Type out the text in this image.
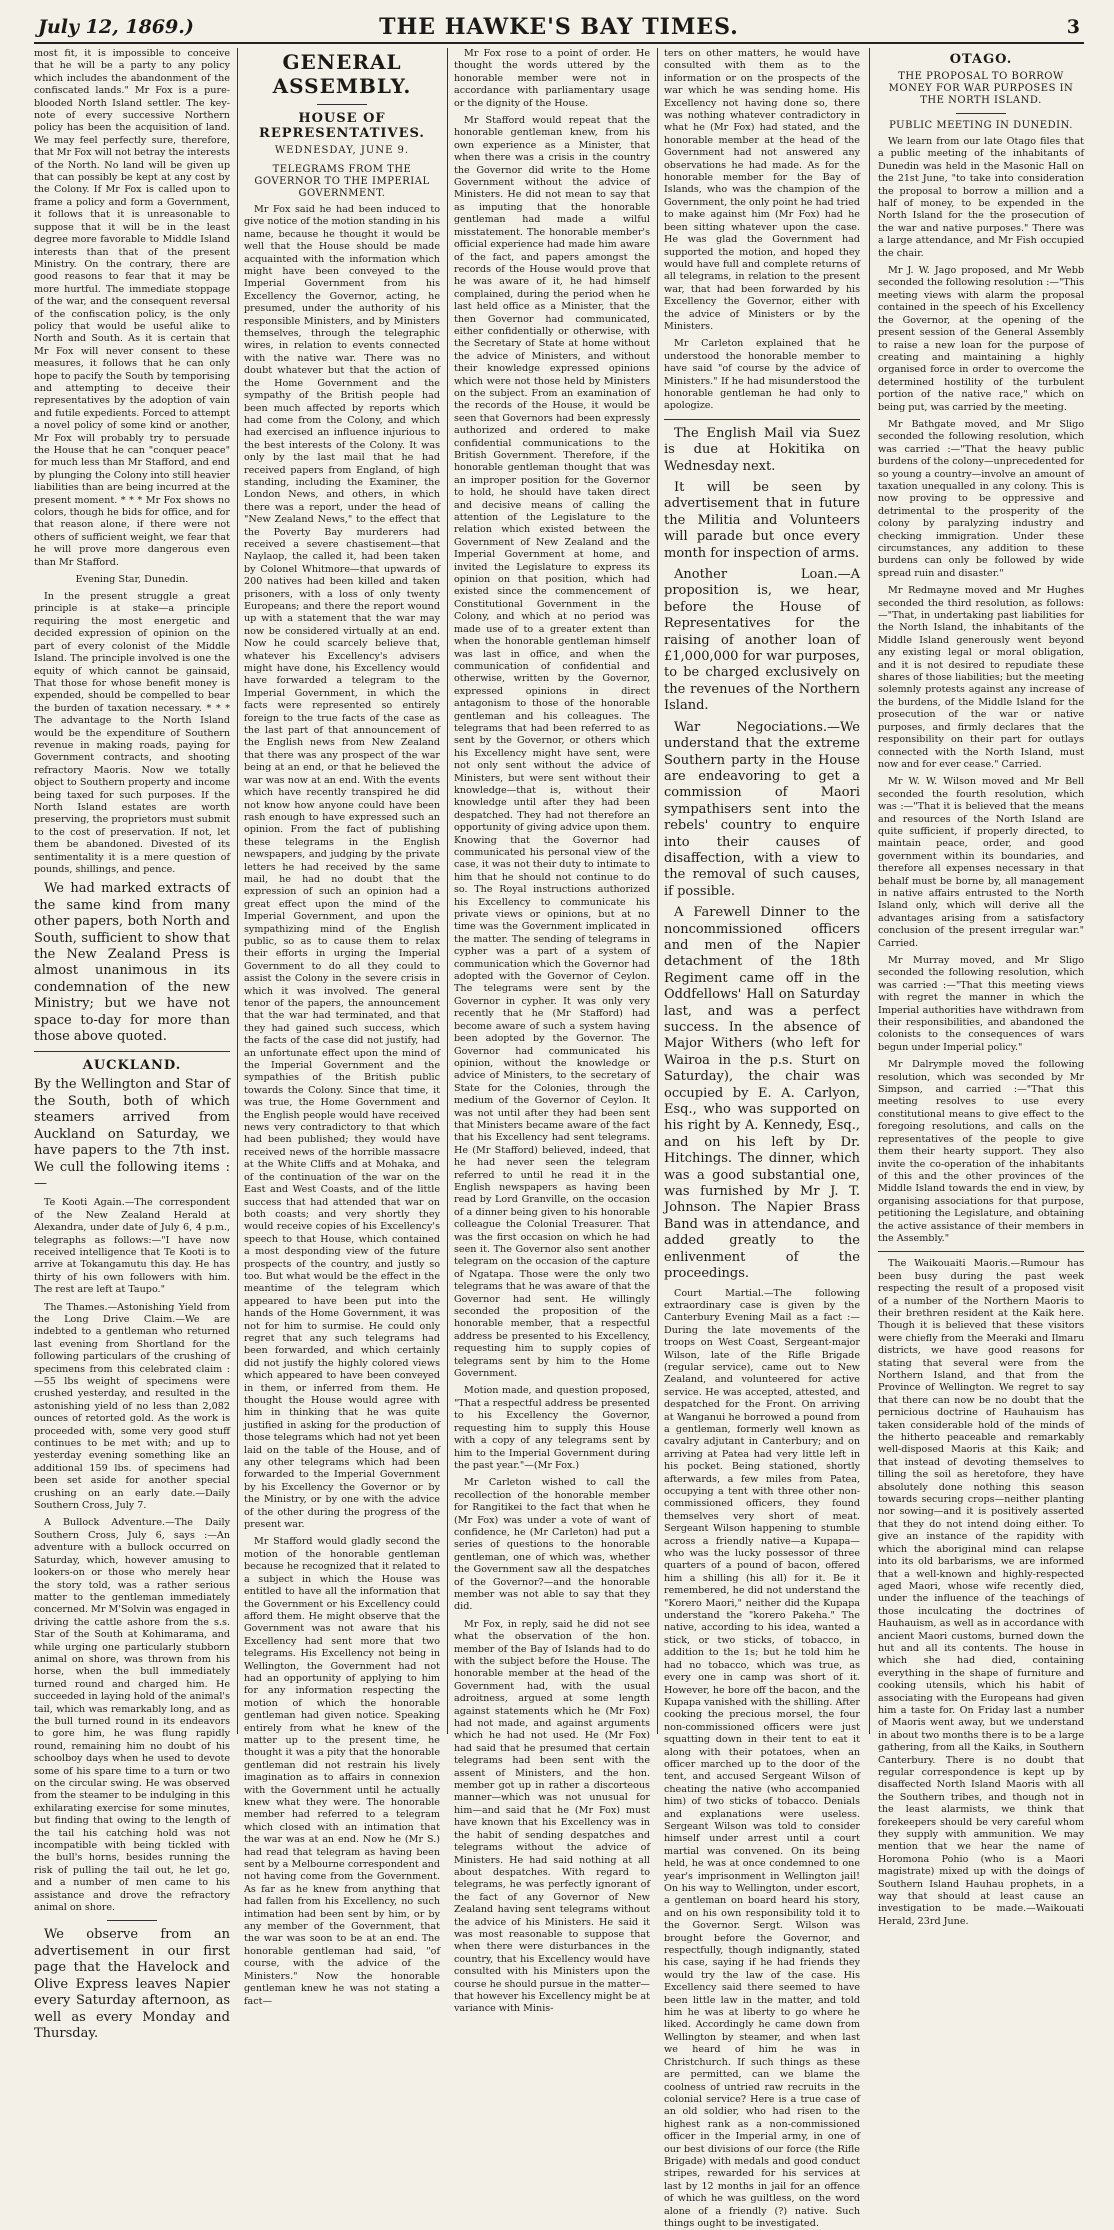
July 12, 1869.)	THE HAWKE'S BAY TIMES.	3

most fit, it is impossible to conceive that he will be a party to any policy which includes the abandonment of the confiscated lands." Mr Fox is a pure-blooded North Island settler. The key-note of every successive Northern policy has been the acquisition of land. We may feel perfectly sure, therefore, that Mr Fox will not betray the interests of the North. No land will be given up that can possibly be kept at any cost by the Colony. If Mr Fox is called upon to frame a policy and form a Government, it follows that it is unreasonable to suppose that it will be in the least degree more favorable to Middle Island interests than that of the present Ministry. On the contrary, there are good reasons to fear that it may be more hurtful. The immediate stoppage of the war, and the consequent reversal of the confiscation policy, is the only policy that would be useful alike to North and South. As it is certain that Mr Fox will never consent to these measures, it follows that he can only hope to pacify the South by temporising and attempting to deceive their representatives by the adoption of vain and futile expedients. Forced to attempt a novel policy of some kind or another, Mr Fox will probably try to persuade the House that he can "conquer peace" for much less than Mr Stafford, and end by plunging the Colony into still heavier liabilities than are being incurred at the present moment. * * * Mr Fox shows no colors, though he bids for office, and for that reason alone, if there were not others of sufficient weight, we fear that he will prove more dangerous even than Mr Stafford.

Evening Star, Dunedin.

In the present struggle a great principle is at stake—a principle requiring the most energetic and decided expression of opinion on the part of every colonist of the Middle Island. The principle involved is one the equity of which cannot be gainsaid, That those for whose benefit money is expended, should be compelled to bear the burden of taxation necessary. * * * The advantage to the North Island would be the expenditure of Southern revenue in making roads, paying for Government contracts, and shooting refractory Maoris. Now we totally object to Southern property and income being taxed for such purposes. If the North Island estates are worth preserving, the proprietors must submit to the cost of preservation. If not, let them be abandoned. Divested of its sentimentality it is a mere question of pounds, shillings, and pence.

We had marked extracts of the same kind from many other papers, both North and South, sufficient to show that the New Zealand Press is almost unanimous in its condemnation of the new Ministry; but we have not space to-day for more than those above quoted.

AUCKLAND.

By the Wellington and Star of the South, both of which steamers arrived from Auckland on Saturday, we have papers to the 7th inst. We cull the following items :—

Te Kooti Again.—The correspondent of the New Zealand Herald at Alexandra, under date of July 6, 4 p.m., telegraphs as follows:—"I have now received intelligence that Te Kooti is to arrive at Tokangamutu this day. He has thirty of his own followers with him. The rest are left at Taupo."

The Thames.—Astonishing Yield from the Long Drive Claim.—We are indebted to a gentleman who returned last evening from Shortland for the following particulars of the crushing of specimens from this celebrated claim :—55 lbs weight of specimens were crushed yesterday, and resulted in the astonishing yield of no less than 2,082 ounces of retorted gold. As the work is proceeded with, some very good stuff continues to be met with; and up to yesterday evening something like an additional 159 lbs. of specimens had been set aside for another special crushing on an early date.—Daily Southern Cross, July 7.

A Bullock Adventure.—The Daily Southern Cross, July 6, says :—An adventure with a bullock occurred on Saturday, which, however amusing to lookers-on or those who merely hear the story told, was a rather serious matter to the gentleman immediately concerned. Mr M'Solvin was engaged in driving the cattle ashore from the s.s. Star of the South at Kohimarama, and while urging one particularly stubborn animal on shore, was thrown from his horse, when the bull immediately turned round and charged him. He succeeded in laying hold of the animal's tail, which was remarkably long, and as the bull turned round in its endeavors to gore him, he was flung rapidly round, remaining him no doubt of his schoolboy days when he used to devote some of his spare time to a turn or two on the circular swing. He was observed from the steamer to be indulging in this exhilarating exercise for some minutes, but finding that owing to the length of the tail his catching hold was not incompatible with being tickled with the bull's horns, besides running the risk of pulling the tail out, he let go, and a number of men came to his assistance and drove the refractory animal on shore.

We observe from an advertisement in our first page that the Havelock and Olive Express leaves Napier every Saturday afternoon, as well as every Monday and Thursday.

GENERAL ASSEMBLY.
HOUSE OF REPRESENTATIVES.
WEDNESDAY, JUNE 9.
TELEGRAMS FROM THE GOVERNOR TO THE IMPERIAL GOVERNMENT.

Mr Fox said he had been induced to give notice of the motion standing in his name, because he thought it would be well that the House should be made acquainted with the information which might have been conveyed to the Imperial Government from his Excellency the Governor, acting, he presumed, under the authority of his responsible Ministers, and by Ministers themselves, through the telegraphic wires, in relation to events connected with the native war. There was no doubt whatever but that the action of the Home Government and the sympathy of the British people had been much affected by reports which had come from the Colony, and which had exercised an influence injurious to the best interests of the Colony. It was only by the last mail that he had received papers from England, of high standing, including the Examiner, the London News, and others, in which there was a report, under the head of "New Zealand News," to the effect that the Poverty Bay murderers had received a severe chastisement—that Naylaop, the called it, had been taken by Colonel Whitmore—that upwards of 200 natives had been killed and taken prisoners, with a loss of only twenty Europeans; and there the report wound up with a statement that the war may now be considered virtually at an end. Now he could scarcely believe that, whatever his Excellency's advisers might have done, his Excellency would have forwarded a telegram to the Imperial Government, in which the facts were represented so entirely foreign to the true facts of the case as the last part of that announcement of the English news from New Zealand that there was any prospect of the war being at an end, or that he believed the war was now at an end. With the events which have recently transpired he did not know how anyone could have been rash enough to have expressed such an opinion. From the fact of publishing these telegrams in the English newspapers, and judging by the private letters he had received by the same mail, he had no doubt that the expression of such an opinion had a great effect upon the mind of the Imperial Government, and upon the sympathizing mind of the English public, so as to cause them to relax their efforts in urging the Imperial Government to do all they could to assist the Colony in the severe crisis in which it was involved. The general tenor of the papers, the announcement that the war had terminated, and that they had gained such success, which the facts of the case did not justify, had an unfortunate effect upon the mind of the Imperial Government and the sympathies of the British public towards the Colony. Since that time, it was true, the Home Government and the English people would have received news very contradictory to that which had been published; they would have received news of the horrible massacre at the White Cliffs and at Mohaka, and of the continuation of the war on the East and West Coasts, and of the little success that had attended that war on both coasts; and very shortly they would receive copies of his Excellency's speech to that House, which contained a most desponding view of the future prospects of the country, and justly so too. But what would be the effect in the meantime of the telegram which appeared to have been put into the hands of the Home Government, it was not for him to surmise. He could only regret that any such telegrams had been forwarded, and which certainly did not justify the highly colored views which appeared to have been conveyed in them, or inferred from them. He thought the House would agree with him in thinking that he was quite justified in asking for the production of those telegrams which had not yet been laid on the table of the House, and of any other telegrams which had been forwarded to the Imperial Government by his Excellency the Governor or by the Ministry, or by one with the advice of the other during the progress of the present war.

Mr Stafford would gladly second the motion of the honorable gentleman because he recognized that it related to a subject in which the House was entitled to have all the information that the Government or his Excellency could afford them. He might observe that the Government was not aware that his Excellency had sent more that two telegrams. His Excellency not being in Wellington, the Government had not had an opportunity of applying to him for any information respecting the motion of which the honorable gentleman had given notice. Speaking entirely from what he knew of the matter up to the present time, he thought it was a pity that the honorable gentleman did not restrain his lively imagination as to affairs in connexion with the Government until he actually knew what they were. The honorable member had referred to a telegram which closed with an intimation that the war was at an end. Now he (Mr S.) had read that telegram as having been sent by a Melbourne correspondent and not having come from the Government. As far as he knew from anything that had fallen from his Excellency, no such intimation had been sent by him, or by any member of the Government, that the war was soon to be at an end. The honorable gentleman had said, "of course, with the advice of the Ministers." Now the honorable gentleman knew he was not stating a fact—

Mr Fox rose to a point of order. He thought the words uttered by the honorable member were not in accordance with parliamentary usage or the dignity of the House.

Mr Stafford would repeat that the honorable gentleman knew, from his own experience as a Minister, that when there was a crisis in the country the Governor did write to the Home Government without the advice of Ministers. He did not mean to say that as imputing that the honorable gentleman had made a wilful misstatement. The honorable member's official experience had made him aware of the fact, and papers amongst the records of the House would prove that he was aware of it, he had himself complained, during the period when he last held office as a Minister, that the then Governor had communicated, either confidentially or otherwise, with the Secretary of State at home without the advice of Ministers, and without their knowledge expressed opinions which were not those held by Ministers on the subject. From an examination of the records of the House, it would be seen that Governors had been expressly authorized and ordered to make confidential communications to the British Government. Therefore, if the honorable gentleman thought that was an improper position for the Governor to hold, he should have taken direct and decisive means of calling the attention of the Legislature to the relation which existed between the Government of New Zealand and the Imperial Government at home, and invited the Legislature to express its opinion on that position, which had existed since the commencement of Constitutional Government in the Colony, and which at no period was made use of to a greater extent than when the honorable gentleman himself was last in office, and when the communication of confidential and otherwise, written by the Governor, expressed opinions in direct antagonism to those of the honorable gentleman and his colleagues. The telegrams that had been referred to as sent by the Governor, or others which his Excellency might have sent, were not only sent without the advice of Ministers, but were sent without their knowledge—that is, without their knowledge until after they had been despatched. They had not therefore an opportunity of giving advice upon them. Knowing that the Governor had communicated his personal view of the case, it was not their duty to intimate to him that he should not continue to do so. The Royal instructions authorized his Excellency to communicate his private views or opinions, but at no time was the Government implicated in the matter. The sending of telegrams in cypher was a part of a system of communication which the Governor had adopted with the Governor of Ceylon. The telegrams were sent by the Governor in cypher. It was only very recently that he (Mr Stafford) had become aware of such a system having been adopted by the Governor. The Governor had communicated his opinion, without the knowledge or advice of Ministers, to the secretary of State for the Colonies, through the medium of the Governor of Ceylon. It was not until after they had been sent that Ministers became aware of the fact that his Excellency had sent telegrams. He (Mr Stafford) believed, indeed, that he had never seen the telegram referred to until he read it in the English newspapers as having been read by Lord Granville, on the occasion of a dinner being given to his honorable colleague the Colonial Treasurer. That was the first occasion on which he had seen it. The Governor also sent another telegram on the occasion of the capture of Ngatapa. Those were the only two telegrams that he was aware of that the Governor had sent. He willingly seconded the proposition of the honorable member, that a respectful address be presented to his Excellency, requesting him to supply copies of telegrams sent by him to the Home Government.

Motion made, and question proposed, "That a respectful address be presented to his Excellency the Governor, requesting him to supply this House with a copy of any telegrams sent by him to the Imperial Government during the past year."—(Mr Fox.)

Mr Carleton wished to call the recollection of the honorable member for Rangitikei to the fact that when he (Mr Fox) was under a vote of want of confidence, he (Mr Carleton) had put a series of questions to the honorable gentleman, one of which was, whether the Government saw all the despatches of the Governor?—and the honorable member was not able to say that they did.

Mr Fox, in reply, said he did not see what the observation of the hon. member of the Bay of Islands had to do with the subject before the House. The honorable member at the head of the Government had, with the usual adroitness, argued at some length against statements which he (Mr Fox) had not made, and against arguments which he had not used. He (Mr Fox) had said that he presumed that certain telegrams had been sent with the assent of Ministers, and the hon. member got up in rather a discorteous manner—which was not unusual for him—and said that he (Mr Fox) must have known that his Excellency was in the habit of sending despatches and telegrams without the advice of Ministers. He had said nothing at all about despatches. With regard to telegrams, he was perfectly ignorant of the fact of any Governor of New Zealand having sent telegrams without the advice of his Ministers. He said it was most reasonable to suppose that when there were disturbances in the country, that his Excellency would have consulted with his Ministers upon the course he should pursue in the matter—that however his Excellency might be at variance with Minis-

ters on other matters, he would have consulted with them as to the information or on the prospects of the war which he was sending home. His Excellency not having done so, there was nothing whatever contradictory in what he (Mr Fox) had stated, and the honorable member at the head of the Government had not answered any observations he had made. As for the honorable member for the Bay of Islands, who was the champion of the Government, the only point he had tried to make against him (Mr Fox) had he been sitting whatever upon the case. He was glad the Government had supported the motion, and hoped they would have full and complete returns of all telegrams, in relation to the present war, that had been forwarded by his Excellency the Governor, either with the advice of Ministers or by the Ministers.

Mr Carleton explained that he understood the honorable member to have said "of course by the advice of Ministers." If he had misunderstood the honorable gentleman he had only to apologize.

The English Mail via Suez is due at Hokitika on Wednesday next.

It will be seen by advertisement that in future the Militia and Volunteers will parade but once every month for inspection of arms.

Another Loan.—A proposition is, we hear, before the House of Representatives for the raising of another loan of £1,000,000 for war purposes, to be charged exclusively on the revenues of the Northern Island.

War Negociations.—We understand that the extreme Southern party in the House are endeavoring to get a commission of Maori sympathisers sent into the rebels' country to enquire into their causes of disaffection, with a view to the removal of such causes, if possible.

A Farewell Dinner to the noncommissioned officers and men of the Napier detachment of the 18th Regiment came off in the Oddfellows' Hall on Saturday last, and was a perfect success. In the absence of Major Withers (who left for Wairoa in the p.s. Sturt on Saturday), the chair was occupied by E. A. Carlyon, Esq., who was supported on his right by A. Kennedy, Esq., and on his left by Dr. Hitchings. The dinner, which was a good substantial one, was furnished by Mr J. T. Johnson. The Napier Brass Band was in attendance, and added greatly to the enlivenment of the proceedings.

Court Martial.—The following extraordinary case is given by the Canterbury Evening Mail as a fact :—During the late movements of the troops on West Coast, Sergeant-major Wilson, late of the Rifle Brigade (regular service), came out to New Zealand, and volunteered for active service. He was accepted, attested, and despatched for the Front. On arriving at Wanganui he borrowed a pound from a gentleman, formerly well known as cavalry adjutant in Canterbury; and on arriving at Patea had very little left in his pocket. Being stationed, shortly afterwards, a few miles from Patea, occupying a tent with three other non-commissioned officers, they found themselves very short of meat. Sergeant Wilson happening to stumble across a friendly native—a Kupapa—who was the lucky possessor of three quarters of a pound of bacon, offered him a shilling (his all) for it. Be it remembered, he did not understand the "Korero Maori," neither did the Kupapa understand the "korero Pakeha." The native, according to his idea, wanted a stick, or two sticks, of tobacco, in addition to the 1s; but he told him he had no tobacco, which was true, as every one in camp was short of it. However, he bore off the bacon, and the Kupapa vanished with the shilling. After cooking the precious morsel, the four non-commissioned officers were just squatting down in their tent to eat it along with their potatoes, when an officer marched up to the door of the tent, and accused Sergeant Wilson of cheating the native (who accompanied him) of two sticks of tobacco. Denials and explanations were useless. Sergeant Wilson was told to consider himself under arrest until a court martial was convened. On its being held, he was at once condemned to one year's imprisonment in Wellington jail! On his way to Wellington, under escort, a gentleman on board heard his story, and on his own responsibility told it to the Governor. Sergt. Wilson was brought before the Governor, and respectfully, though indignantly, stated his case, saying if he had friends they would try the law of the case. His Excellency said there seemed to have been little law in the matter, and told him he was at liberty to go where he liked. Accordingly he came down from Wellington by steamer, and when last we heard of him he was in Christchurch. If such things as these are permitted, can we blame the coolness of untried raw recruits in the colonial service? Here is a true case of an old soldier, who had risen to the highest rank as a non-commissioned officer in the Imperial army, in one of our best divisions of our force (the Rifle Brigade) with medals and good conduct stripes, rewarded for his services at last by 12 months in jail for an offence of which he was guiltless, on the word alone of a friendly (?) native. Such things ought to be investigated.

OTAGO.
THE PROPOSAL TO BORROW MONEY FOR WAR PURPOSES IN THE NORTH ISLAND.
PUBLIC MEETING IN DUNEDIN.

We learn from our late Otago files that a public meeting of the inhabitants of Dunedin was held in the Masonic Hall on the 21st June, "to take into consideration the proposal to borrow a million and a half of money, to be expended in the North Island for the the prosecution of the war and native purposes." There was a large attendance, and Mr Fish occupied the chair.

Mr J. W. Jago proposed, and Mr Webb seconded the following resolution :—"This meeting views with alarm the proposal contained in the speech of his Excellency the Governor, at the opening of the present session of the General Assembly to raise a new loan for the purpose of creating and maintaining a highly organised force in order to overcome the determined hostility of the turbulent portion of the native race," which on being put, was carried by the meeting.

Mr Bathgate moved, and Mr Sligo seconded the following resolution, which was carried :—"That the heavy public burdens of the colony—unprecedented for so young a country—involve an amount of taxation unequalled in any colony. This is now proving to be oppressive and detrimental to the prosperity of the colony by paralyzing industry and checking immigration. Under these circumstances, any addition to these burdens can only be followed by wide spread ruin and disaster."

Mr Redmayne moved and Mr Hughes seconded the third resolution, as follows:—"That, in undertaking past liabilities for the North Island, the inhabitants of the Middle Island generously went beyond any existing legal or moral obligation, and it is not desired to repudiate these shares of those liabilities; but the meeting solemnly protests against any increase of the burdens, of the Middle Island for the prosecution of the war or native purposes, and firmly declares that the responsibility on their part for outlays connected with the North Island, must now and for ever cease." Carried.

Mr W. W. Wilson moved and Mr Bell seconded the fourth resolution, which was :—"That it is believed that the means and resources of the North Island are quite sufficient, if properly directed, to maintain peace, order, and good government within its boundaries, and therefore all expenses necessary in that behalf must be borne by, all management in native affairs entrusted to the North Island only, which will derive all the advantages arising from a satisfactory conclusion of the present irregular war." Carried.

Mr Murray moved, and Mr Sligo seconded the following resolution, which was carried :—"That this meeting views with regret the manner in which the Imperial authorities have withdrawn from their responsibilities, and abandoned the colonists to the consequences of wars begun under Imperial policy."

Mr Dalrymple moved the following resolution, which was seconded by Mr Simpson, and carried :—"That this meeting resolves to use every constitutional means to give effect to the foregoing resolutions, and calls on the representatives of the people to give them their hearty support. They also invite the co-operation of the inhabitants of this and the other provinces of the Middle Island towards the end in view, by organising associations for that purpose, petitioning the Legislature, and obtaining the active assistance of their members in the Assembly."

The Waikouaiti Maoris.—Rumour has been busy during the past week respecting the result of a proposed visit of a number of the Northern Maoris to their brethren resident at the Kaik here. Though it is believed that these visitors were chiefly from the Meeraki and Ilmaru districts, we have good reasons for stating that several were from the Northern Island, and that from the Province of Wellington. We regret to say that there can now be no doubt that the pernicious doctrine of Hauhauism has taken considerable hold of the minds of the hitherto peaceable and remarkably well-disposed Maoris at this Kaik; and that instead of devoting themselves to tilling the soil as heretofore, they have absolutely done nothing this season towards securing crops—neither planting nor sowing—and it is positively asserted that they do not intend doing either. To give an instance of the rapidity with which the aboriginal mind can relapse into its old barbarisms, we are informed that a well-known and highly-respected aged Maori, whose wife recently died, under the influence of the teachings of those inculcating the doctrines of Hauhauism, as well as in accordance with ancient Maori customs, burned down the hut and all its contents. The house in which she had died, containing everything in the shape of furniture and cooking utensils, which his habit of associating with the Europeans had given him a taste for. On Friday last a number of Maoris went away, but we understand in about two months there is to be a large gathering, from all the Kaiks, in Southern Canterbury. There is no doubt that regular correspondence is kept up by disaffected North Island Maoris with all the Southern tribes, and though not in the least alarmists, we think that forekeepers should be very careful whom they supply with ammunition. We may mention that we hear the name of Horomona Pohio (who is a Maori magistrate) mixed up with the doings of Southern Island Hauhau prophets, in a way that should at least cause an investigation to be made.—Waikouati Herald, 23rd June.
